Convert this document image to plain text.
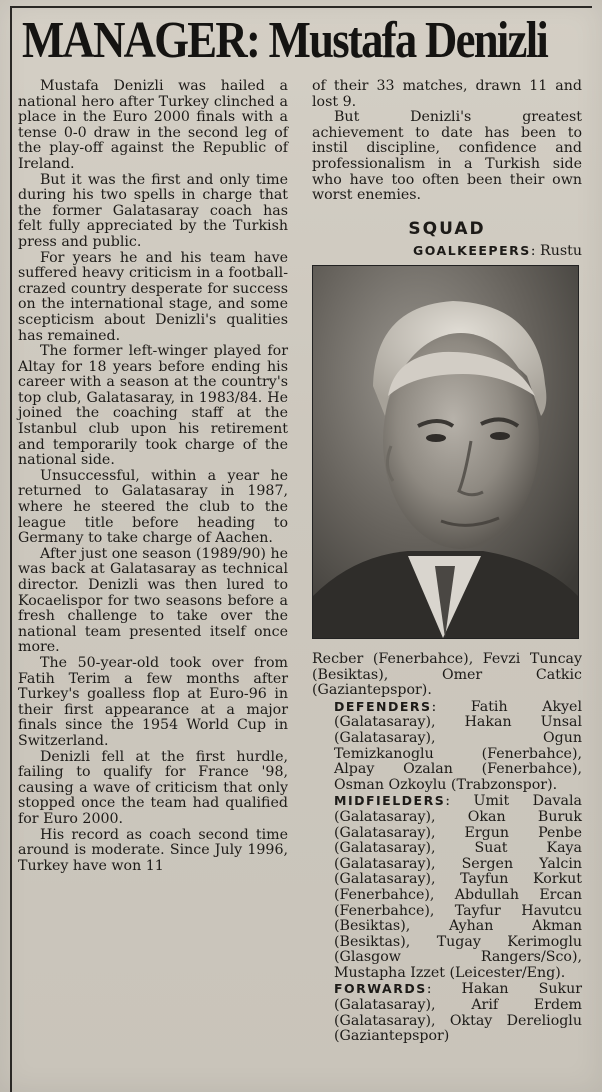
MANAGER: Mustafa Denizli

Mustafa Denizli was hailed a national hero after Turkey clinched a place in the Euro 2000 finals with a tense 0-0 draw in the second leg of the play-off against the Republic of Ireland.

But it was the first and only time during his two spells in charge that the former Galatasaray coach has felt fully appreciated by the Turkish press and public.

For years he and his team have suffered heavy criticism in a football-crazed country desperate for success on the international stage, and some scepticism about Denizli's qualities has remained.

The former left-winger played for Altay for 18 years before ending his career with a season at the country's top club, Galatasaray, in 1983/84. He joined the coaching staff at the Istanbul club upon his retirement and temporarily took charge of the national side.

Unsuccessful, within a year he returned to Galatasaray in 1987, where he steered the club to the league title before heading to Germany to take charge of Aachen.

After just one season (1989/90) he was back at Galatasaray as technical director. Denizli was then lured to Kocaelispor for two seasons before a fresh challenge to take over the national team presented itself once more.

The 50-year-old took over from Fatih Terim a few months after Turkey's goalless flop at Euro-96 in their first appearance at a major finals since the 1954 World Cup in Switzerland.

Denizli fell at the first hurdle, failing to qualify for France '98, causing a wave of criticism that only stopped once the team had qualified for Euro 2000.

His record as coach second time around is moderate. Since July 1996, Turkey have won 11

of their 33 matches, drawn 11 and lost 9.

But Denizli's greatest achievement to date has been to instil discipline, confidence and professionalism in a Turkish side who have too often been their own worst enemies.

SQUAD
GOALKEEPERS: Rustu

Recber (Fenerbahce), Fevzi Tuncay (Besiktas), Omer Catkic (Gaziantepspor).

DEFENDERS: Fatih Akyel (Galatasaray), Hakan Unsal (Galatasaray), Ogun Temizkanoglu (Fenerbahce), Alpay Ozalan (Fenerbahce), Osman Ozkoylu (Trabzonspor).

MIDFIELDERS: Umit Davala (Galatasaray), Okan Buruk (Galatasaray), Ergun Penbe (Galatasaray), Suat Kaya (Galatasaray), Sergen Yalcin (Galatasaray), Tayfun Korkut (Fenerbahce), Abdullah Ercan (Fenerbahce), Tayfur Havutcu (Besiktas), Ayhan Akman (Besiktas), Tugay Kerimoglu (Glasgow Rangers/Sco), Mustapha Izzet (Leicester/Eng).

FORWARDS: Hakan Sukur (Galatasaray), Arif Erdem (Galatasaray), Oktay Derelioglu (Gaziantepspor)
